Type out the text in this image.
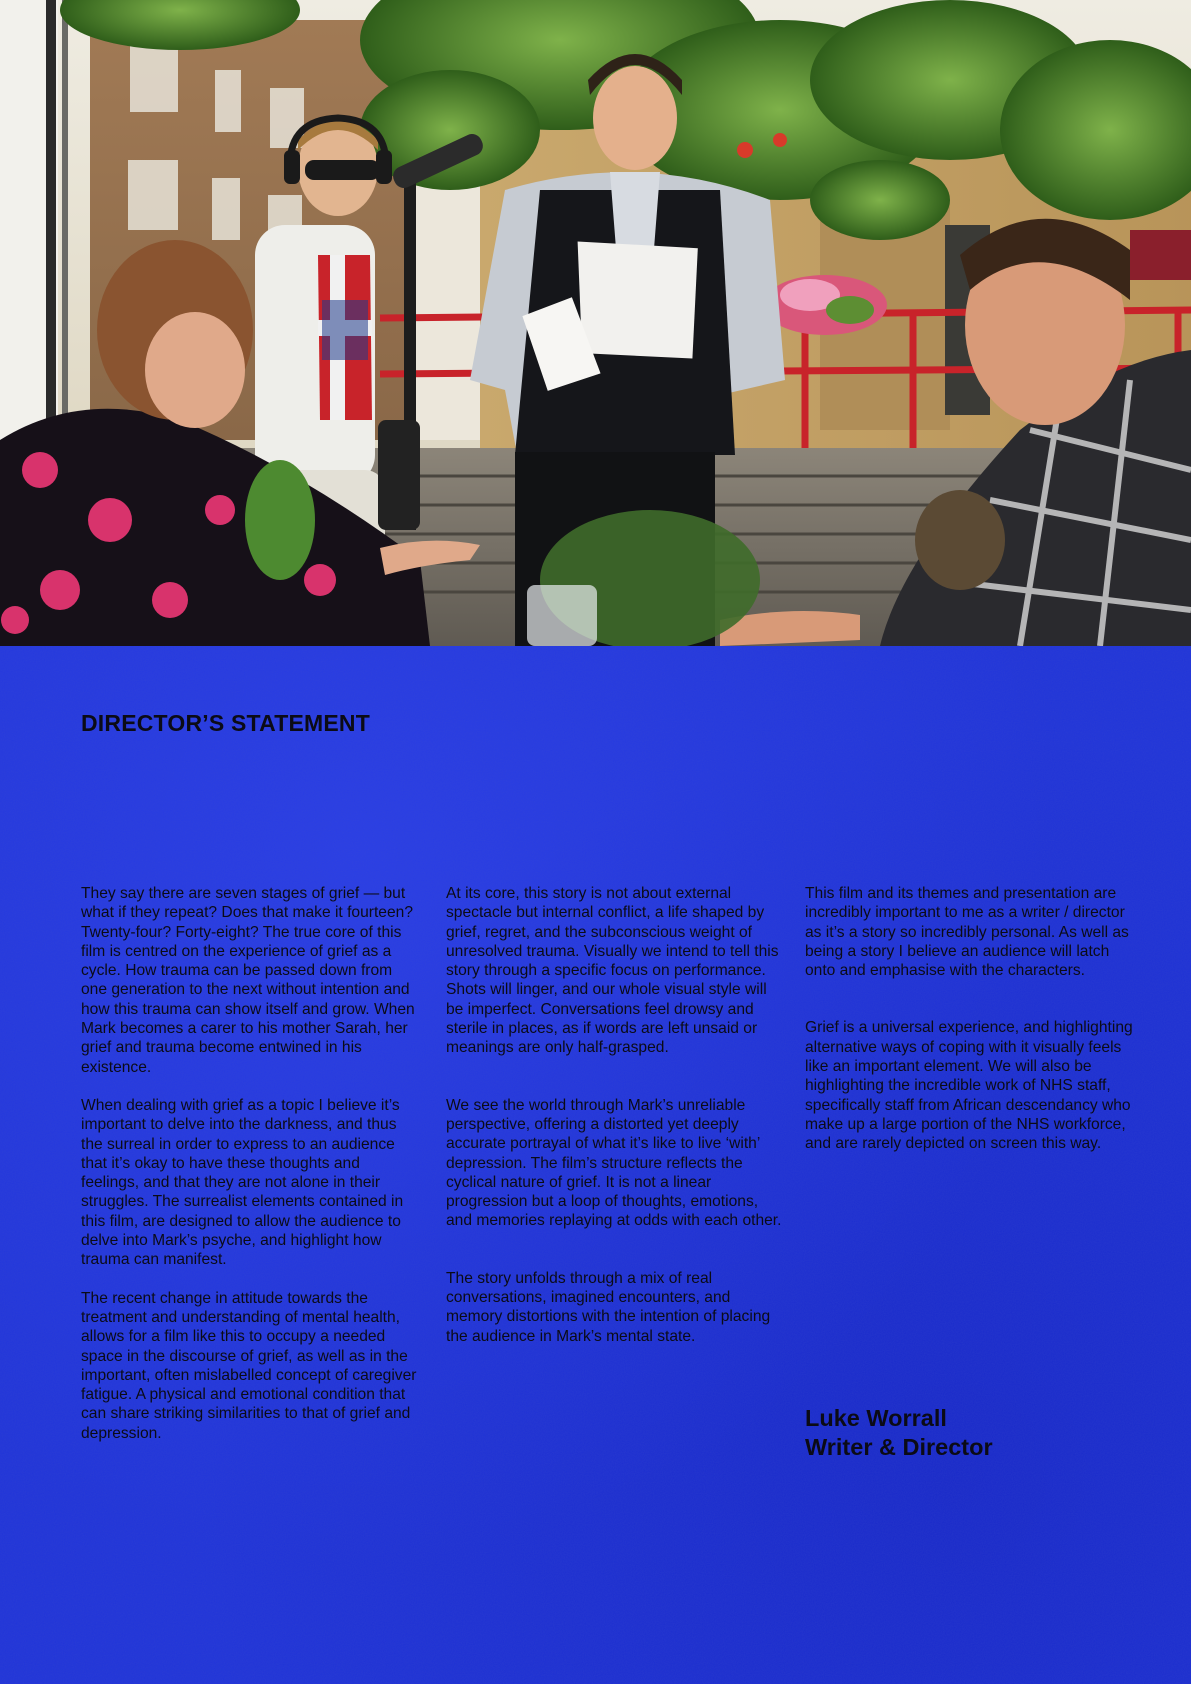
DIRECTOR’S STATEMENT

They say there are seven stages of grief — but what if they repeat? Does that make it fourteen? Twenty-four? Forty-eight? The true core of this film is centred on the experience of grief as a cycle. How trauma can be passed down from one generation to the next without intention and how this trauma can show itself and grow. When Mark becomes a carer to his mother Sarah, her grief and trauma become entwined in his existence.

When dealing with grief as a topic I believe it’s important to delve into the darkness, and thus the surreal in order to express to an audience that it’s okay to have these thoughts and feelings, and that they are not alone in their struggles. The surrealist elements contained in this film, are designed to allow the audience to delve into Mark’s psyche, and highlight how trauma can manifest.

The recent change in attitude towards the treatment and understanding of mental health, allows for a film like this to occupy a needed space in the discourse of grief, as well as in the important, often mislabelled concept of caregiver fatigue. A physical and emotional condition that can share striking similarities to that of grief and depression.

At its core, this story is not about external spectacle but internal conflict, a life shaped by grief, regret, and the subconscious weight of unresolved trauma. Visually we intend to tell this story through a specific focus on performance. Shots will linger, and our whole visual style will be imperfect. Conversations feel drowsy and sterile in places, as if words are left unsaid or meanings are only half-grasped.

We see the world through Mark’s unreliable perspective, offering a distorted yet deeply accurate portrayal of what it’s like to live ‘with’ depression. The film’s structure reflects the cyclical nature of grief. It is not a linear progression but a loop of thoughts, emotions, and memories replaying at odds with each other.

The story unfolds through a mix of real conversations, imagined encounters, and memory distortions with the intention of placing the audience in Mark’s mental state.

This film and its themes and presentation are incredibly important to me as a writer / director as it’s a story so incredibly personal. As well as being a story I believe an audience will latch onto and emphasise with the characters.

Grief is a universal experience, and highlighting alternative ways of coping with it visually feels like an important element. We will also be highlighting the incredible work of NHS staff, specifically staff from African descendancy who make up a large portion of the NHS workforce, and are rarely depicted on screen this way.

Luke Worrall
Writer & Director
